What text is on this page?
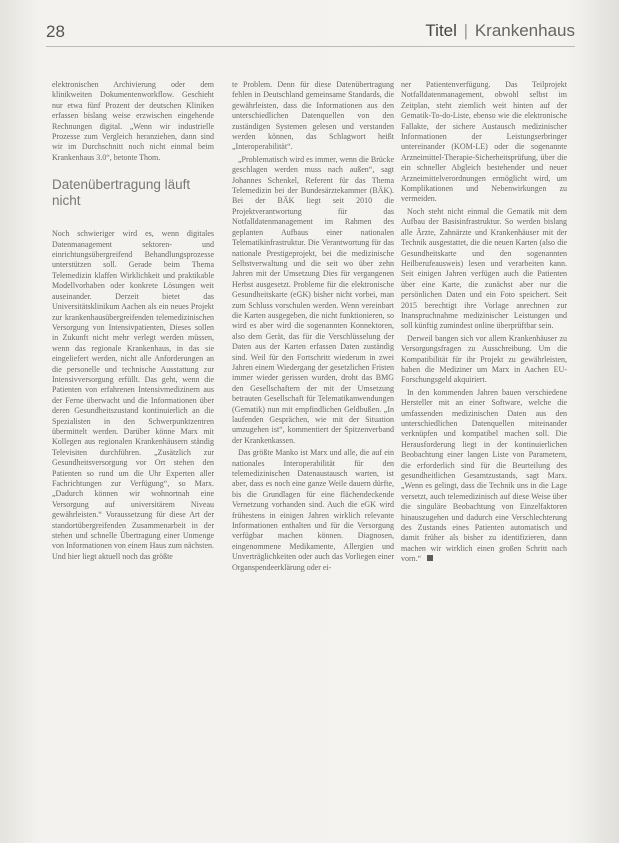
28	Titel | Krankenhaus

elektronischen Archivierung oder dem klinikweiten Dokumentenworkflow. Geschieht nur etwa fünf Prozent der deutschen Kliniken erfassen bislang weise erzwischen eingehende Rechnungen digital. „Wenn wir industrielle Prozesse zum Vergleich heranziehen, dann sind wir im Durchschnitt noch nicht einmal beim Krankenhaus 3.0“, betonte Thom.

Datenübertragung läuft nicht

Noch schwieriger wird es, wenn digitales Datenmanagement sektoren- und einrichtungsübergreifend Behandlungsprozesse unterstützen soll. Gerade beim Thema Telemedizin klaffen Wirklichkeit und praktikable Modellvorhaben oder konkrete Lösungen weit auseinander. Derzeit bietet das Universitätsklinikum Aachen als ein neues Projekt zur krankenhausübergreifenden telemedizinischen Versorgung von Intensivpatienten, Dieses sollen in Zukunft nicht mehr verlegt werden müssen, wenn das regionale Krankenhaus, in das sie eingeliefert werden, nicht alle Anforderungen an die personelle und technische Ausstattung zur Intensivversorgung erfüllt. Das geht, wenn die Patienten von erfahrenen Intensivmedizinern aus der Ferne überwacht und die Informationen über deren Gesundheitszustand kontinuierlich an die Spezialisten in den Schwerpunktzentren übermittelt werden. Darüber könne Marx mit Kollegen aus regionalen Krankenhäusern ständig Televisiten durchführen. „Zusätzlich zur Gesundheitsversorgung vor Ort stehen den Patienten so rund um die Uhr Experten aller Fachrichtungen zur Verfügung“, so Marx. „Dadurch können wir wohnortnah eine Versorgung auf universitärem Niveau gewährleisten.“ Voraussetzung für diese Art der standortübergreifenden Zusammenarbeit in der stehen und schnelle Übertragung einer Unmenge von Informationen von einem Haus zum nächsten. Und hier liegt aktuell noch das größte

te Problem. Denn für diese Datenübertragung fehlen in Deutschland gemeinsame Standards, die gewährleisten, dass die Informationen aus den unterschiedlichen Datenquellen von den zuständigen Systemen gelesen und verstanden werden können, das Schlagwort heißt „Interoperabilität“.

„Problematisch wird es immer, wenn die Brücke geschlagen werden muss nach außen“, sagt Johannes Schenkel, Referent für das Thema Telemedizin bei der Bundesärztekammer (BÄK). Bei der BÄK liegt seit 2010 die Projektverantwortung für das Notfalldatenmanagement im Rahmen des geplanten Aufbaus einer nationalen Telematikinfrastruktur. Die Verantwortung für das nationale Prestigeprojekt, bei die medizinische Selbstverwaltung und die seit wo über zehn Jahren mit der Umsetzung Dies für vergangenen Herbst ausgesetzt. Probleme für die elektronische Gesundheitskarte (eGK) bisher nicht vorbei, man zum Schluss vorschulen werden. Wenn vereinbart die Karten ausgegeben, die nicht funktionieren, so wird es aber wird die sogenannten Konnektoren, also dem Gerät, das für die Verschlüsselung der Daten aus der Karten erfassen Daten zuständig sind. Weil für den Fortschritt wiederum in zwei Jahren einem Wiedergang der gesetzlichen Fristen immer wieder gerissen wurden, droht das BMG den Gesellschaftern der mit der Umsetzung betrauten Gesellschaft für Telematikanwendungen (Gematik) nun mit empfindlichen Geldbußen. „In laufenden Gesprächen, wie mit der Situation umzugehen ist“, kommentiert der Spitzenverband der Krankenkassen.

Das größte Manko ist Marx und alle, die auf ein nationales Interoperabilität für den telemedizinischen Datenaustausch warten, ist aber, dass es noch eine ganze Weile dauern dürfte, bis die Grundlagen für eine flächendeckende Vernetzung vorhanden sind. Auch die eGK wird frühestens in einigen Jahren wirklich relevante Informationen enthalten und für die Versorgung verfügbar machen können. Diagnosen, eingenommene Medikamente, Allergien und Unverträglichkeiten oder auch das Vorliegen einer Organspendeerklärung oder ei-

ner Patientenverfügung. Das Teilprojekt Notfalldatenmanagement, obwohl selbst im Zeitplan, steht ziemlich weit hinten auf der Gematik-To-do-Liste, ebenso wie die elektronische Fallakte, der sichere Austausch medizinischer Informationen der Leistungserbringer untereinander (KOM-LE) oder die sogenannte Arzneimittel-Therapie-Sicherheitsprüfung, über die ein schneller Abgleich bestehender und neuer Arzneimittelverordnungen ermöglicht wird, um Komplikationen und Nebenwirkungen zu vermeiden.

Noch steht nicht einmal die Gematik mit dem Aufbau der Basisinfrastruktur. So werden bislang alle Ärzte, Zahnärzte und Krankenhäuser mit der Technik ausgestattet, die die neuen Karten (also die Gesundheitskarte und den sogenannten Heilberufeausweis) lesen und verarbeiten kann. Seit einigen Jahren verfügen auch die Patienten über eine Karte, die zunächst aber nur die persönlichen Daten und ein Foto speichert. Seit 2015 berechtigt ihre Vorlage anrechnen zur Inanspruchnahme medizinischer Leistungen und soll künftig zumindest online überprüftbar sein.

Derweil bangen sich vor allem Krankenhäuser zu Versorgungsfragen zu Ausschreibung. Um die Kompatibilität für ihr Projekt zu gewährleisten, haben die Mediziner um Marx in Aachen EU-Forschungsgeld akquiriert.

In den kommenden Jahren bauen verschiedene Hersteller mit an einer Software, welche die umfassenden medizinischen Daten aus den unterschiedlichen Datenquellen miteinander verknüpfen und kompatibel machen soll. Die Herausforderung liegt in der kontinuierlichen Beobachtung einer langen Liste von Parametern, die erforderlich sind für die Beurteilung des gesundheitlichen Gesamtzustands, sagt Marx. „Wenn es gelingt, dass die Technik uns in die Lage versetzt, auch telemedizinisch auf diese Weise über die singuläre Beobachtung von Einzelfaktoren hinauszugehen und dadurch eine Verschlechterung des Zustands eines Patienten automatisch und damit früher als bisher zu identifizieren, dann machen wir wirklich einen großen Schritt nach vorn.“
